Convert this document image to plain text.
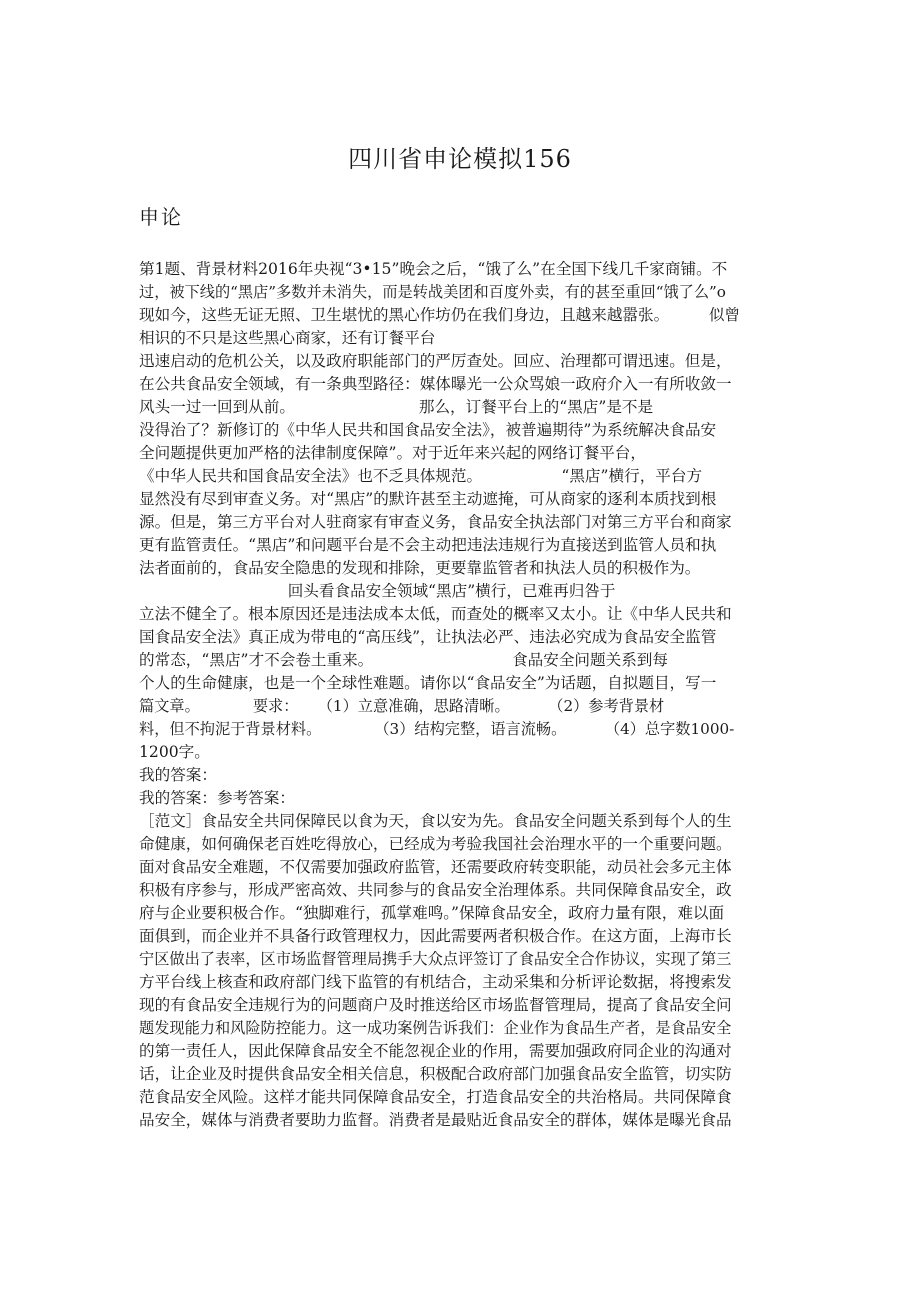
四川省申论模拟156
申论
第1题、背景材料2016年央视“3•15”晚会之后，“饿了么”在全国下线几千家商铺。不
过，被下线的“黑店”多数并未消失，而是转战美团和百度外卖，有的甚至重回“饿了么”o
现如今，这些无证无照、卫生堪忧的黑心作坊仍在我们身边，且越来越嚣张。        似曾
相识的不只是这些黑心商家，还有订餐平台
迅速启动的危机公关，以及政府职能部门的严厉查处。回应、治理都可谓迅速。但是，
在公共食品安全领域，有一条典型路径：媒体曝光一公众骂娘一政府介入一有所收敛一
风头一过一回到从前。                         那么，订餐平台上的“黑店”是不是
没得治了？新修订的《中华人民共和国食品安全法》，被普遍期待”为系统解决食品安
全问题提供更加严格的法律制度保障”。对于近年来兴起的网络订餐平台，
《中华人民共和国食品安全法》也不乏具体规范。                “黑店”横行，平台方
显然没有尽到审查义务。对“黑店”的默许甚至主动遮掩，可从商家的逐利本质找到根
源。但是，第三方平台对人驻商家有审查义务，食品安全执法部门对第三方平台和商家
更有监管责任。“黑店”和问题平台是不会主动把违法违规行为直接送到监管人员和执
法者面前的，食品安全隐患的发现和排除，更要靠监管者和执法人员的积极作为。
回头看食品安全领域“黑店”横行，已难再归咎于
立法不健全了。根本原因还是违法成本太低，而查处的概率又太小。让《中华人民共和
国食品安全法》真正成为带电的“高压线”，让执法必严、违法必究成为食品安全监管
的常态，“黑店”才不会卷土重来。                            食品安全问题关系到每
个人的生命健康，也是一个全球性难题。请你以“食品安全”为话题，自拟题目，写一
篇文章。           要求：    （1）立意准确，思路清晰。        （2）参考背景材
料，但不拘泥于背景材料。           （3）结构完整，语言流畅。        （4）总字数1000-
1200字。
我的答案：
我的答案：参考答案：
［范文］食品安全共同保障民以食为天，食以安为先。食品安全问题关系到每个人的生
命健康，如何确保老百姓吃得放心，已经成为考验我国社会治理水平的一个重要问题。
面对食品安全难题，不仅需要加强政府监管，还需要政府转变职能，动员社会多元主体
积极有序参与，形成严密高效、共同参与的食品安全治理体系。共同保障食品安全，政
府与企业要积极合作。“独脚难行，孤掌难鸣。”保障食品安全，政府力量有限，难以面
面俱到，而企业并不具备行政管理权力，因此需要两者积极合作。在这方面，上海市长
宁区做出了表率，区市场监督管理局携手大众点评签订了食品安全合作协议，实现了第三
方平台线上核查和政府部门线下监管的有机结合，主动采集和分析评论数据，将搜索发
现的有食品安全违规行为的问题商户及时推送给区市场监督管理局，提高了食品安全问
题发现能力和风险防控能力。这一成功案例告诉我们：企业作为食品生产者，是食品安全
的第一责任人，因此保障食品安全不能忽视企业的作用，需要加强政府同企业的沟通对
话，让企业及时提供食品安全相关信息，积极配合政府部门加强食品安全监管，切实防
范食品安全风险。这样才能共同保障食品安全，打造食品安全的共治格局。共同保障食
品安全，媒体与消费者要助力监督。消费者是最贴近食品安全的群体，媒体是曝光食品
